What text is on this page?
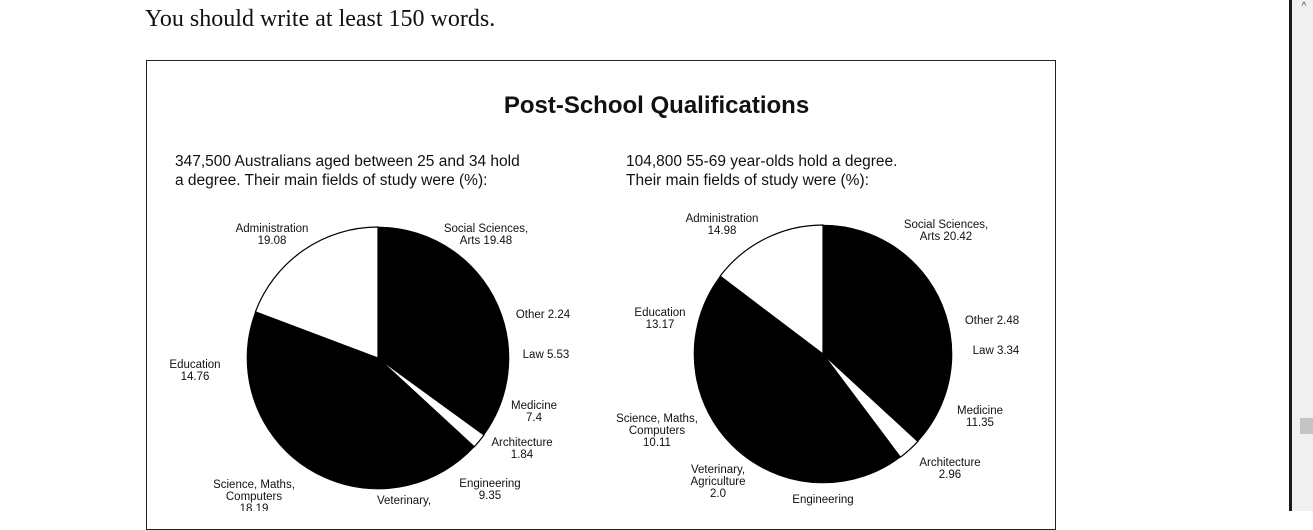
You should write at least 150 words.
Post-School Qualifications
347,500 Australians aged between 25 and 34 hold
a degree. Their main fields of study were (%):
104,800 55-69 year-olds hold a degree.
Their main fields of study were (%):
Social Sciences, Arts 19.48
Other 2.24
Law 5.53
Medicine 7.4
Architecture 1.84
Engineering 9.35
Veterinary,
Science, Maths, Computers 18.19
Education 14.76
Administration 19.08
Social Sciences, Arts 20.42
Other 2.48
Law 3.34
Medicine 11.35
Architecture 2.96
Engineering
Veterinary, Agriculture 2.0
Science, Maths, Computers 10.11
Education 13.17
Administration 14.98
^
